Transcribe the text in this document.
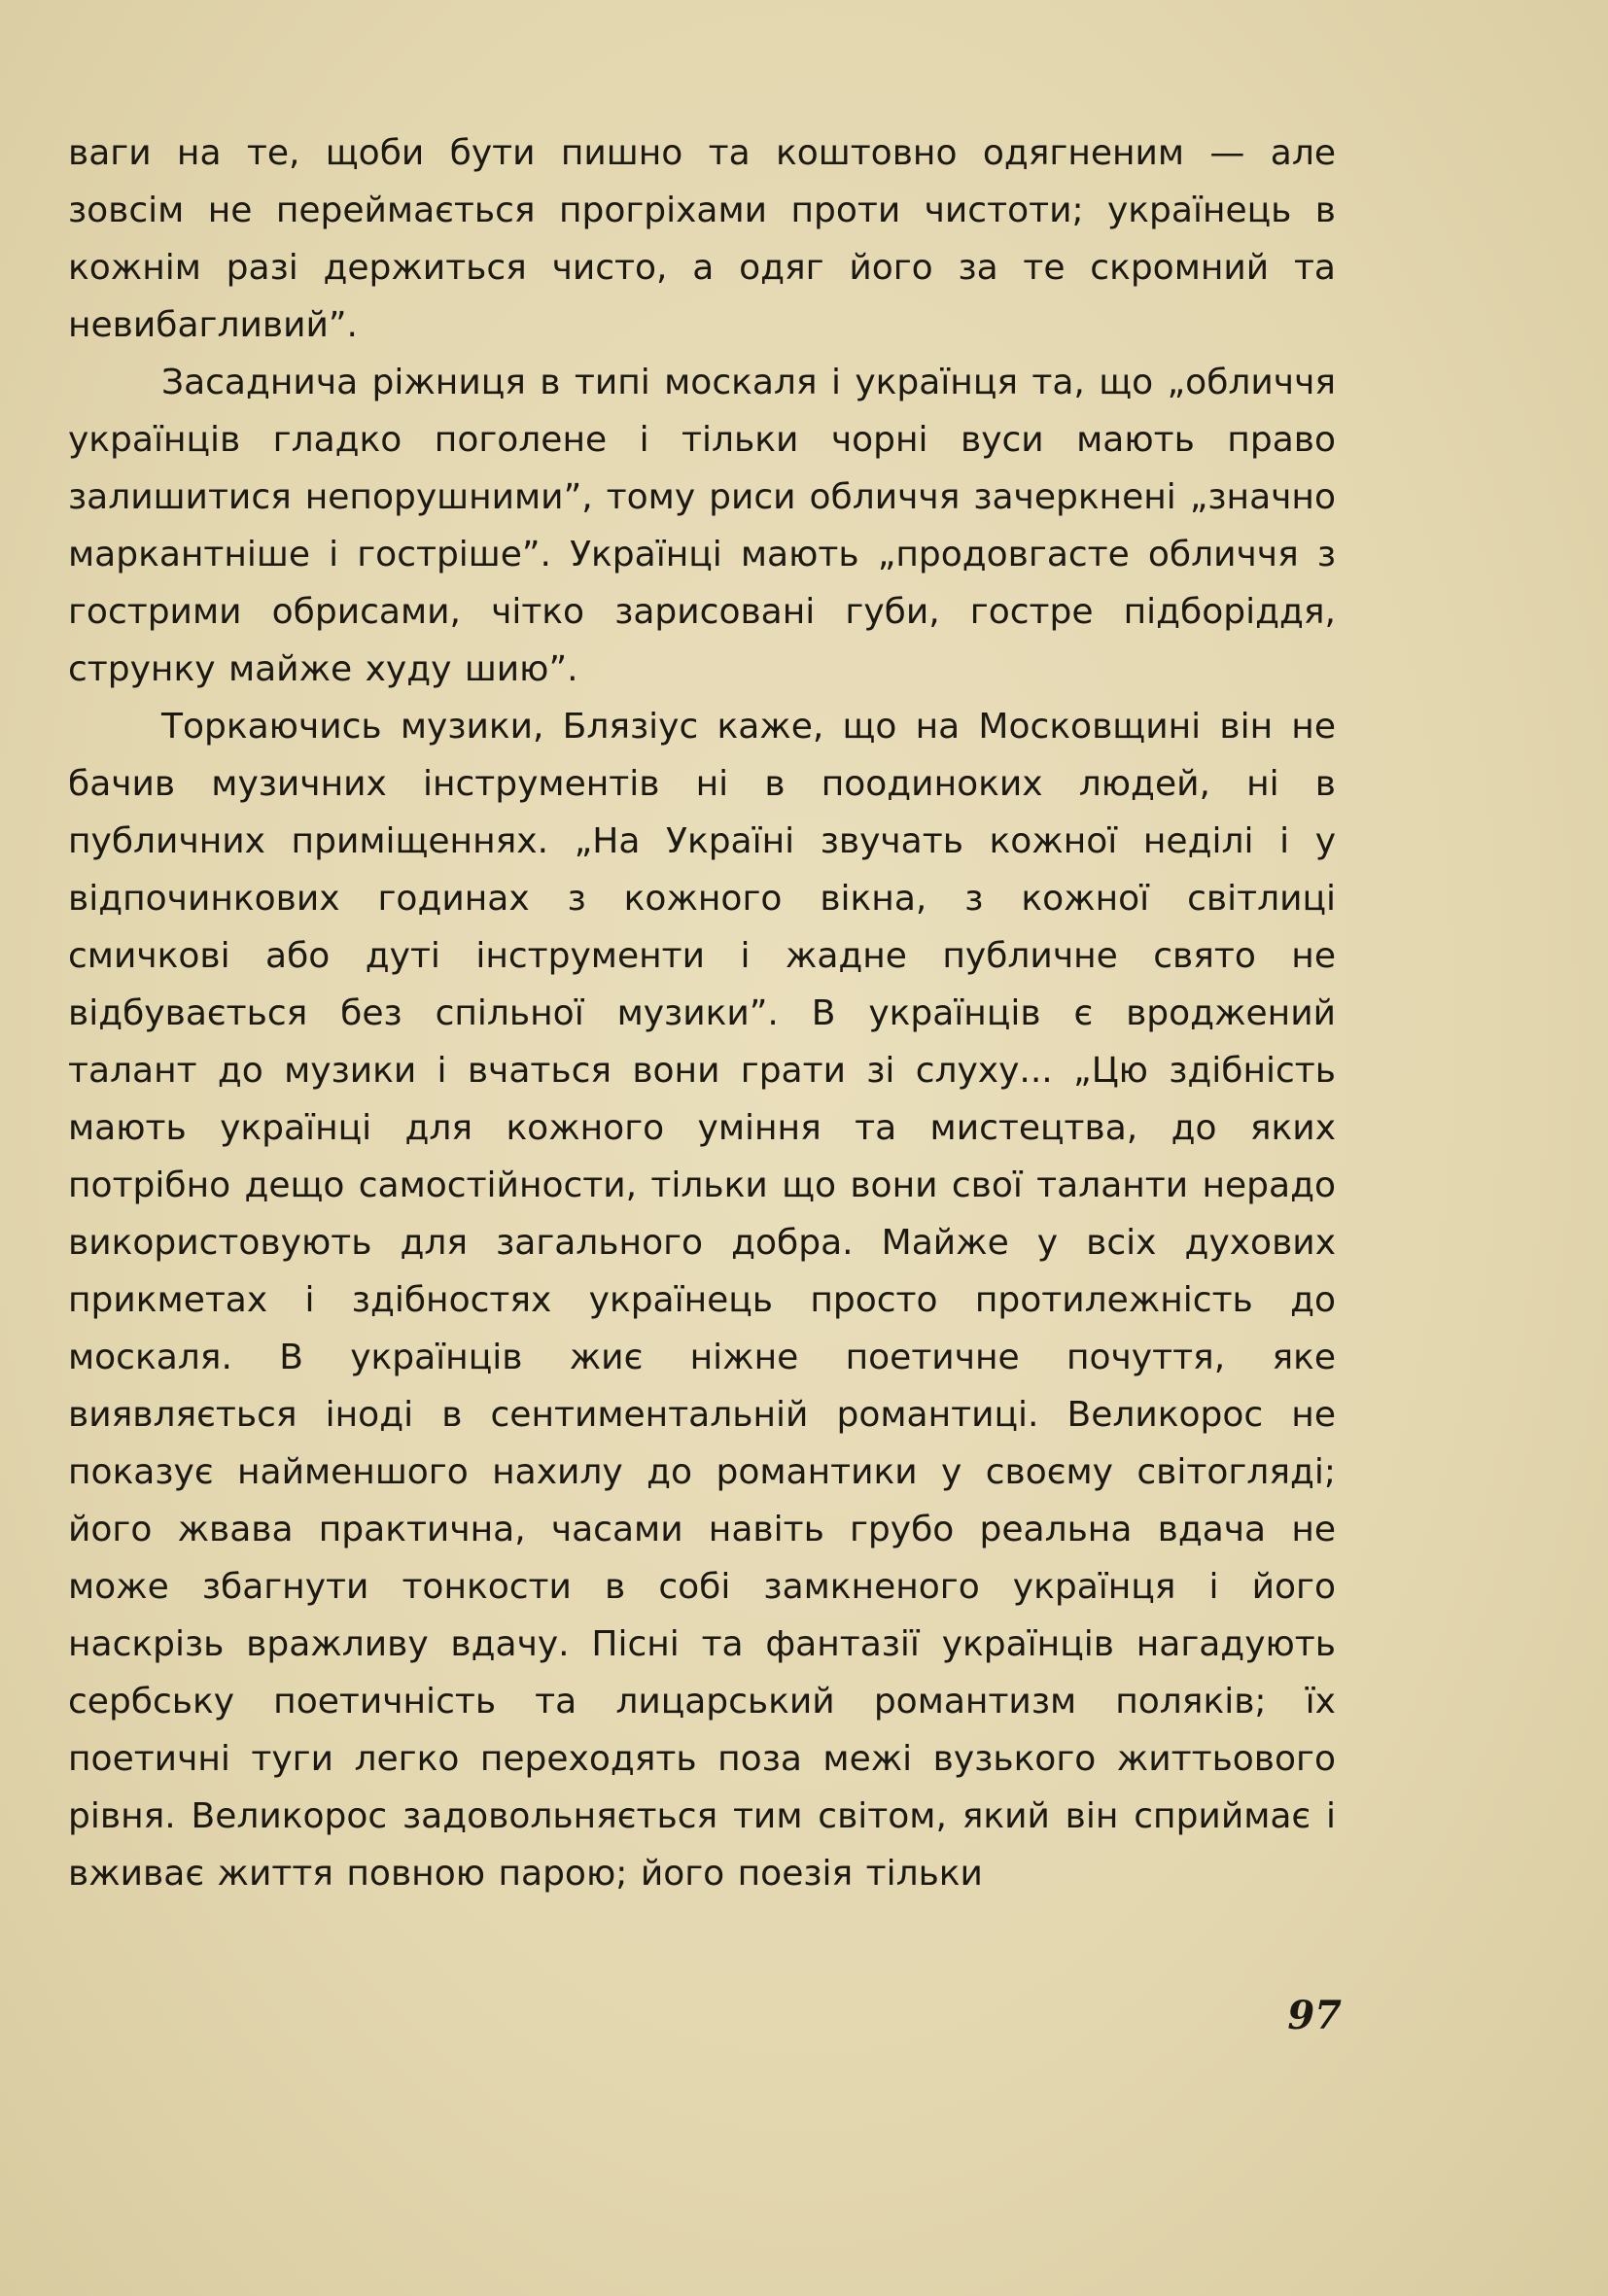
ваги на те, щоби бути пишно та коштовно одягненим — але зовсім не переймається прогріхами проти чистоти; українець в кожнім разі держиться чисто, а одяг його за те скромний та невибагливий”.

Засаднича ріжниця в типі москаля і українця та, що „обличчя українців гладко поголене і тільки чорні вуси мають право залишитися непорушними”, тому риси обличчя зачеркнені „значно маркантніше і гостріше”. Українці мають „продовгасте обличчя з гострими обрисами, чітко зарисовані губи, гостре підборіддя, струнку майже худу шию”.

Торкаючись музики, Блязіус каже, що на Московщині він не бачив музичних інструментів ні в поодиноких людей, ні в публичних приміщеннях. „На Україні звучать кожної неділі і у відпочинкових годинах з кожного вікна, з кожної світлиці смичкові або дуті інструменти і жадне публичне свято не відбувається без спільної музики”. В українців є вроджений талант до музики і вчаться вони грати зі слуху... „Цю здібність мають українці для кожного уміння та мистецтва, до яких потрібно дещо самостійности, тільки що вони свої таланти нерадо використовують для загального добра. Майже у всіх духових прикметах і здібностях українець просто протилежність до москаля. В українців жиє ніжне поетичне почуття, яке виявляється іноді в сентиментальній романтиці. Великорос не показує найменшого нахилу до романтики у своєму світогляді; його жвава практична, часами навіть грубо реальна вдача не може збагнути тонкости в собі замкненого українця і його наскрізь вражливу вдачу. Пісні та фантазії українців нагадують сербську поетичність та лицарський романтизм поляків; їх поетичні туги легко переходять поза межі вузького життьового рівня. Великорос задовольняється тим світом, який він сприймає і вживає життя повною парою; його поезія тільки

97
